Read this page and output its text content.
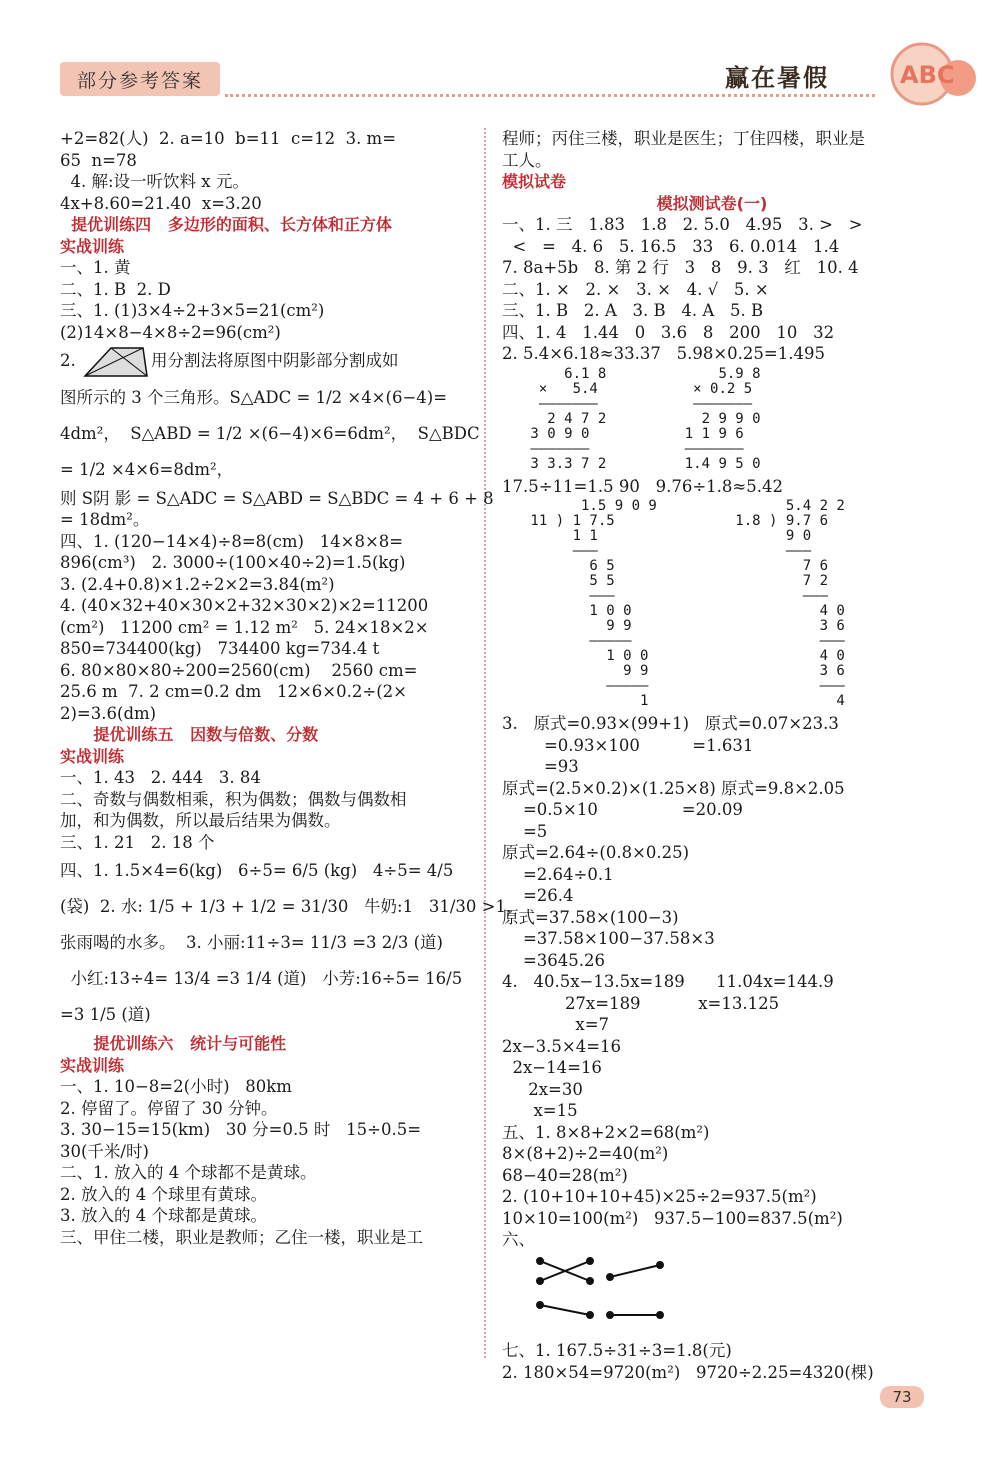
部分参考答案	赢在暑假	ABC
+2=82(人)  2. a=10  b=11  c=12  3. m=
65  n=78
4. 解:设一听饮料 x 元。
4x+8.60=21.40  x=3.20
提优训练四   多边形的面积、长方体和正方体
实战训练
一、1. 黄
二、1. B  2. D
三、1. (1)3×4÷2+3×5=21(cm²)
(2)14×8−4×8÷2=96(cm²)
2.	用分割法将原图中阴影部分割成如
图所示的 3 个三角形。S△ADC = 1/2 ×4×(6−4)=
4dm²，  S△ABD = 1/2 ×(6−4)×6=6dm²，  S△BDC
= 1/2 ×4×6=8dm²，
则 S阴 影 = S△ADC = S△ABD = S△BDC = 4 + 6 + 8
= 18dm²。
四、1. (120−14×4)÷8=8(cm)   14×8×8=
896(cm³)   2. 3000÷(100×40÷2)=1.5(kg)
3. (2.4+0.8)×1.2÷2×2=3.84(m²)
4. (40×32+40×30×2+32×30×2)×2=11200
(cm²)   11200 cm² = 1.12 m²   5. 24×18×2×
850=734400(kg)   734400 kg=734.4 t
6. 80×80×80÷200=2560(cm)    2560 cm=
25.6 m  7. 2 cm=0.2 dm   12×6×0.2÷(2×
2)=3.6(dm)
提优训练五   因数与倍数、分数
实战训练
一、1. 43   2. 444   3. 84
二、奇数与偶数相乘，积为偶数；偶数与偶数相
加，和为偶数，所以最后结果为偶数。
三、1. 21   2. 18 个
四、1. 1.5×4=6(kg)   6÷5= 6/5 (kg)   4÷5= 4/5
(袋)  2. 水: 1/5 + 1/3 + 1/2 = 31/30   牛奶:1   31/30 >1，
张雨喝的水多。  3. 小丽:11÷3= 11/3 =3 2/3 (道)
小红:13÷4= 13/4 =3 1/4 (道)   小芳:16÷5= 16/5
=3 1/5 (道)
提优训练六   统计与可能性
实战训练
一、1. 10−8=2(小时)   80km
2. 停留了。停留了 30 分钟。
3. 30−15=15(km)   30 分=0.5 时   15÷0.5=
30(千米/时)
二、1. 放入的 4 个球都不是黄球。
2. 放入的 4 个球里有黄球。
3. 放入的 4 个球都是黄球。
三、甲住二楼，职业是教师；乙住一楼，职业是工
程师；丙住三楼，职业是医生；丁住四楼，职业是
工人。
模拟试卷
模拟测试卷(一)
一、1. 三   1.83   1.8   2. 5.0   4.95   3. >   >
<   =   4. 6   5. 16.5   33   6. 0.014   1.4
7. 8a+5b   8. 第 2 行   3   8   9. 3   红   10. 4
二、1. ×   2. ×   3. ×   4. √   5. ×
三、1. B   2. A   3. B   4. A   5. B
四、1. 4   1.44   0   3.6   8   200   10   32
2. 5.4×6.18≈33.37   5.98×0.25=1.495
6.1 8
×   5.4
———————
2 4 7 2
3 0 9 0
———————
3 3.3 7 2
5.9 8
× 0.2 5
———————
2 9 9 0
1 1 9 6
———————
1.4 9 5 0
17.5÷11=1.5 9̇0̇   9.76÷1.8≈5.42
1.5 9 0 9
11 ) 1 7.5
1 1
———
6 5
5 5
———
1 0 0
9 9
—————
1 0 0
9 9
—————
1
5.4 2 2
1.8 ) 9.7 6
9 0
———
7 6
7 2
———
4 0
3 6
———
4 0
3 6
———
4
3.   原式=0.93×(99+1)   原式=0.07×23.3
=0.93×100          =1.631
=93
原式=(2.5×0.2)×(1.25×8) 原式=9.8×2.05
=0.5×10                =20.09
=5
原式=2.64÷(0.8×0.25)
=2.64÷0.1
=26.4
原式=37.58×(100−3)
=37.58×100−37.58×3
=3645.26
4.   40.5x−13.5x=189      11.04x=144.9
27x=189           x=13.125
x=7
2x−3.5×4=16
2x−14=16
2x=30
x=15
五、1. 8×8+2×2=68(m²)
8×(8+2)÷2=40(m²)
68−40=28(m²)
2. (10+10+10+45)×25÷2=937.5(m²)
10×10=100(m²)   937.5−100=837.5(m²)
六、
七、1. 167.5÷31÷3=1.8(元)
2. 180×54=9720(m²)   9720÷2.25=4320(棵)
73
